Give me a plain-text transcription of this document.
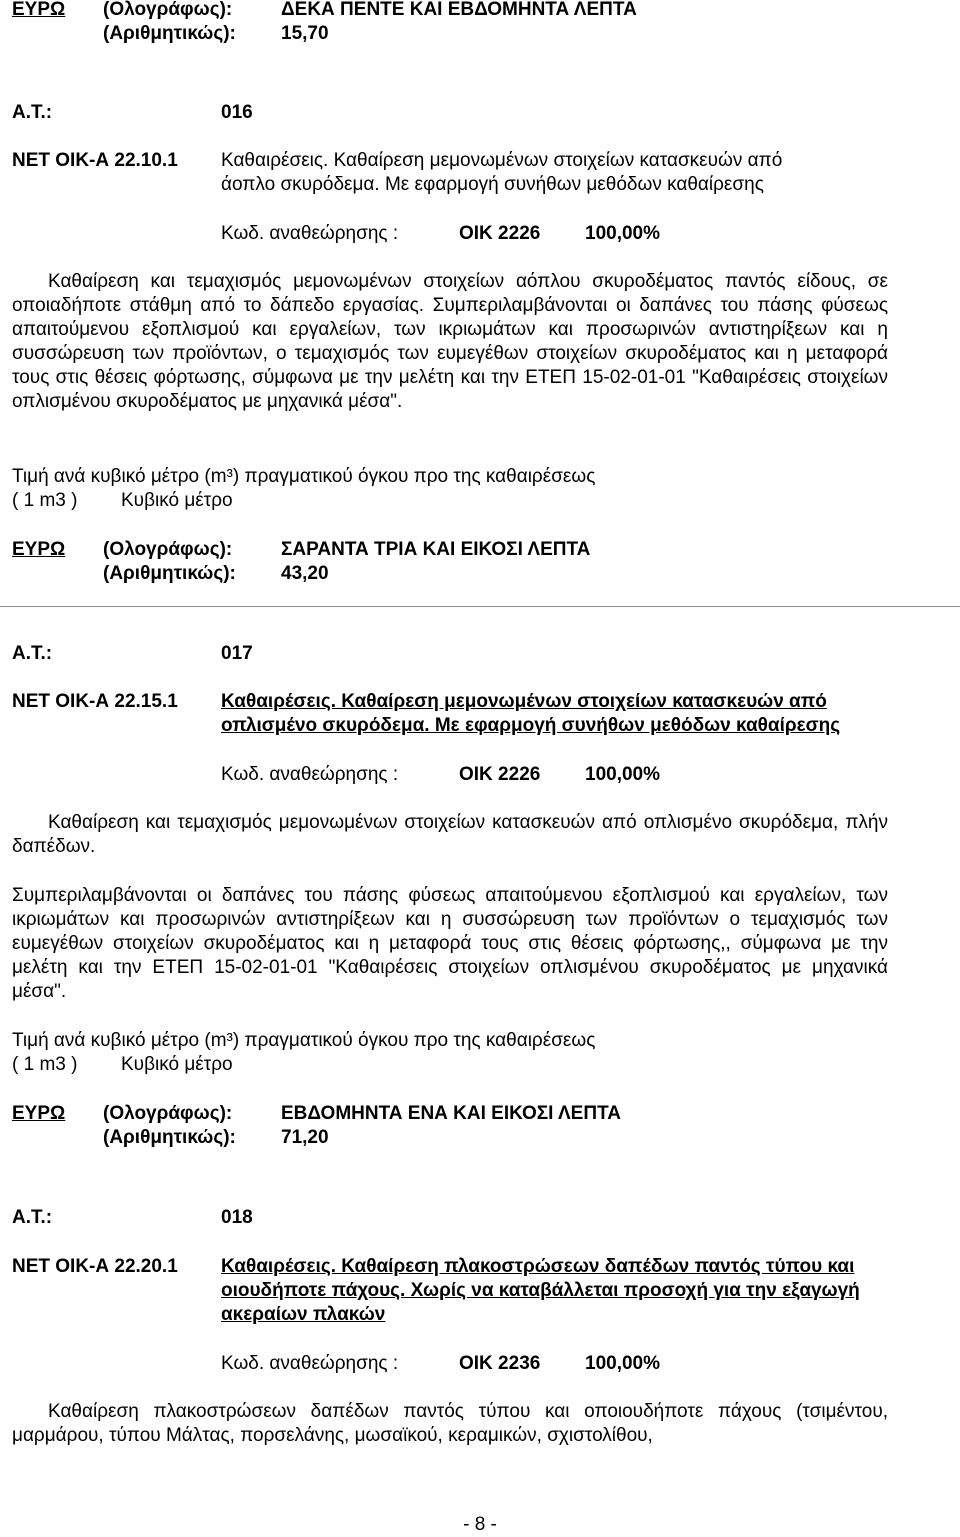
ΕΥΡΩ (Ολογράφως):	ΔΕΚΑ ΠΕΝΤΕ ΚΑΙ ΕΒΔΟΜΗΝΤΑ ΛΕΠΤΑ
(Αριθμητικώς): 15,70
Α.Τ.:	016
ΝΕΤ ΟΙΚ-Α 22.10.1 Καθαιρέσεις. Καθαίρεση μεμονωμένων στοιχείων κατασκευών από
άοπλο σκυρόδεμα. Με εφαρμογή συνήθων μεθόδων καθαίρεσης
Κωδ. αναθεώρησης :	ΟΙΚ 2226 100,00%
Καθαίρεση και τεμαχισμός μεμονωμένων στοιχείων αόπλου σκυροδέματος παντός είδους, σε οποιαδήποτε στάθμη από το δάπεδο εργασίας. Συμπεριλαμβάνονται οι δαπάνες του πάσης φύσεως απαιτούμενου εξοπλισμού και εργαλείων, των ικριωμάτων και προσωρινών αντιστηρίξεων και η συσσώρευση των προϊόντων, ο τεμαχισμός των ευμεγέθων στοιχείων σκυροδέματος και η μεταφορά τους στις θέσεις φόρτωσης, σύμφωνα με την μελέτη και την ΕΤΕΠ 15-02-01-01 "Καθαιρέσεις στοιχείων οπλισμένου σκυροδέματος με μηχανικά μέσα".
Τιμή ανά κυβικό μέτρο (m³) πραγματικού όγκου προ της καθαιρέσεως
( 1 m3 ) Κυβικό μέτρο
ΕΥΡΩ (Ολογράφως):	ΣΑΡΑΝΤΑ ΤΡΙΑ ΚΑΙ ΕΙΚΟΣΙ ΛΕΠΤΑ
(Αριθμητικώς): 43,20
Α.Τ.:	017
ΝΕΤ ΟΙΚ-Α 22.15.1 Καθαιρέσεις. Καθαίρεση μεμονωμένων στοιχείων κατασκευών από
οπλισμένο σκυρόδεμα. Με εφαρμογή συνήθων μεθόδων καθαίρεσης
Κωδ. αναθεώρησης :	ΟΙΚ 2226 100,00%
Καθαίρεση και τεμαχισμός μεμονωμένων στοιχείων κατασκευών από οπλισμένο σκυρόδεμα, πλήν δαπέδων.
Συμπεριλαμβάνονται οι δαπάνες του πάσης φύσεως απαιτούμενου εξοπλισμού και εργαλείων, των ικριωμάτων και προσωρινών αντιστηρίξεων και η συσσώρευση των προϊόντων ο τεμαχισμός των ευμεγέθων στοιχείων σκυροδέματος και η μεταφορά τους στις θέσεις φόρτωσης,, σύμφωνα με την μελέτη και την ΕΤΕΠ 15-02-01-01 "Καθαιρέσεις στοιχείων οπλισμένου σκυροδέματος με μηχανικά μέσα".
Τιμή ανά κυβικό μέτρο (m³) πραγματικού όγκου προ της καθαιρέσεως
( 1 m3 ) Κυβικό μέτρο
ΕΥΡΩ (Ολογράφως):	ΕΒΔΟΜΗΝΤΑ ΕΝΑ ΚΑΙ ΕΙΚΟΣΙ ΛΕΠΤΑ
(Αριθμητικώς): 71,20
Α.Τ.:	018
ΝΕΤ ΟΙΚ-Α 22.20.1 Καθαιρέσεις. Καθαίρεση πλακοστρώσεων δαπέδων παντός τύπου και
οιουδήποτε πάχους. Χωρίς να καταβάλλεται προσοχή για την εξαγωγή
ακεραίων πλακών
Κωδ. αναθεώρησης :	ΟΙΚ 2236 100,00%
Καθαίρεση πλακοστρώσεων δαπέδων παντός τύπου και οποιουδήποτε πάχους (τσιμέντου, μαρμάρου, τύπου Μάλτας, πορσελάνης, μωσαϊκού, κεραμικών, σχιστολίθου,
- 8 -
